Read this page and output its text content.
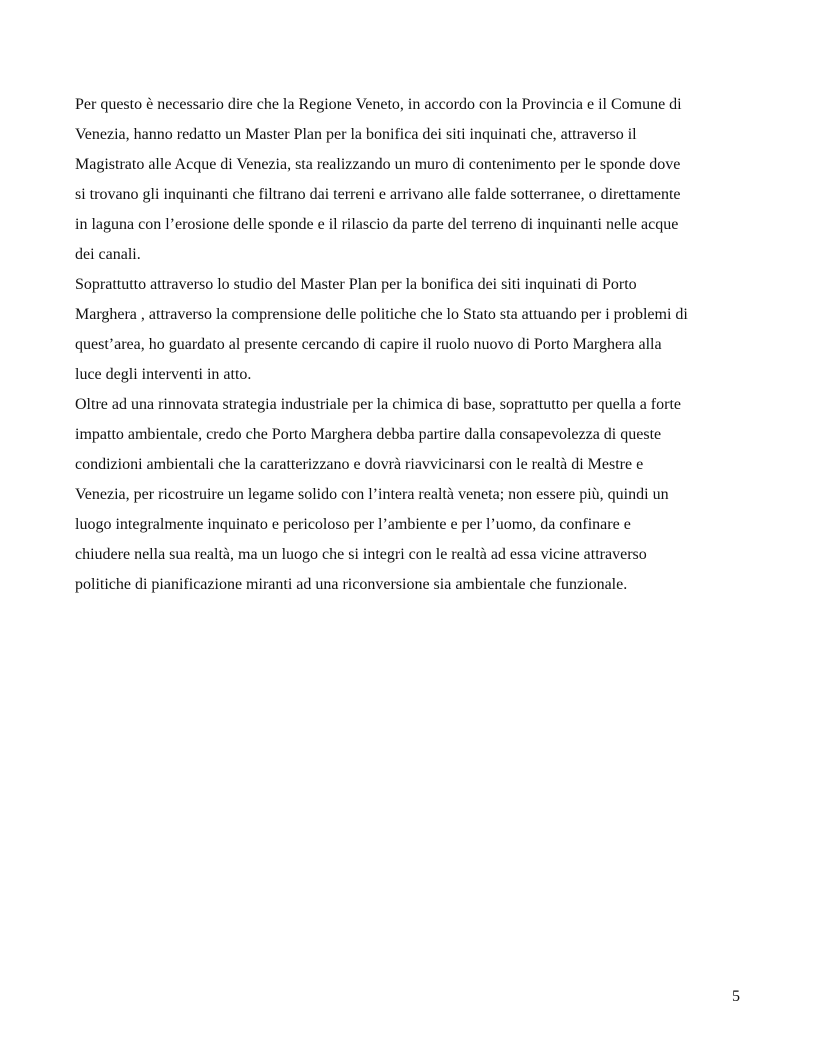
Per questo è necessario dire che la Regione Veneto, in accordo con la Provincia e il Comune di
Venezia, hanno redatto un Master Plan per la bonifica dei siti inquinati che, attraverso il
Magistrato alle Acque di Venezia, sta realizzando un muro di contenimento per le sponde dove
si trovano gli inquinanti che filtrano dai terreni e arrivano alle falde sotterranee, o direttamente
in laguna con l’erosione delle sponde e il rilascio da parte del terreno di inquinanti nelle acque
dei canali.

Soprattutto attraverso lo studio del Master Plan per la bonifica dei siti inquinati di Porto
Marghera , attraverso la comprensione delle politiche che lo Stato sta attuando per i problemi di
quest’area, ho guardato al presente cercando di capire il ruolo nuovo di Porto Marghera alla
luce degli interventi in atto.

Oltre ad una rinnovata strategia industriale per la chimica di base, soprattutto per quella a forte
impatto ambientale, credo che Porto Marghera debba partire dalla consapevolezza di queste
condizioni ambientali che la caratterizzano e dovrà riavvicinarsi con le realtà di Mestre e
Venezia, per ricostruire un legame solido con l’intera realtà veneta; non essere più, quindi un
luogo integralmente inquinato e pericoloso per l’ambiente e per l’uomo, da confinare e
chiudere nella sua realtà, ma un luogo che si integri con le realtà ad essa vicine attraverso
politiche di pianificazione miranti ad una riconversione sia ambientale che funzionale.

5
